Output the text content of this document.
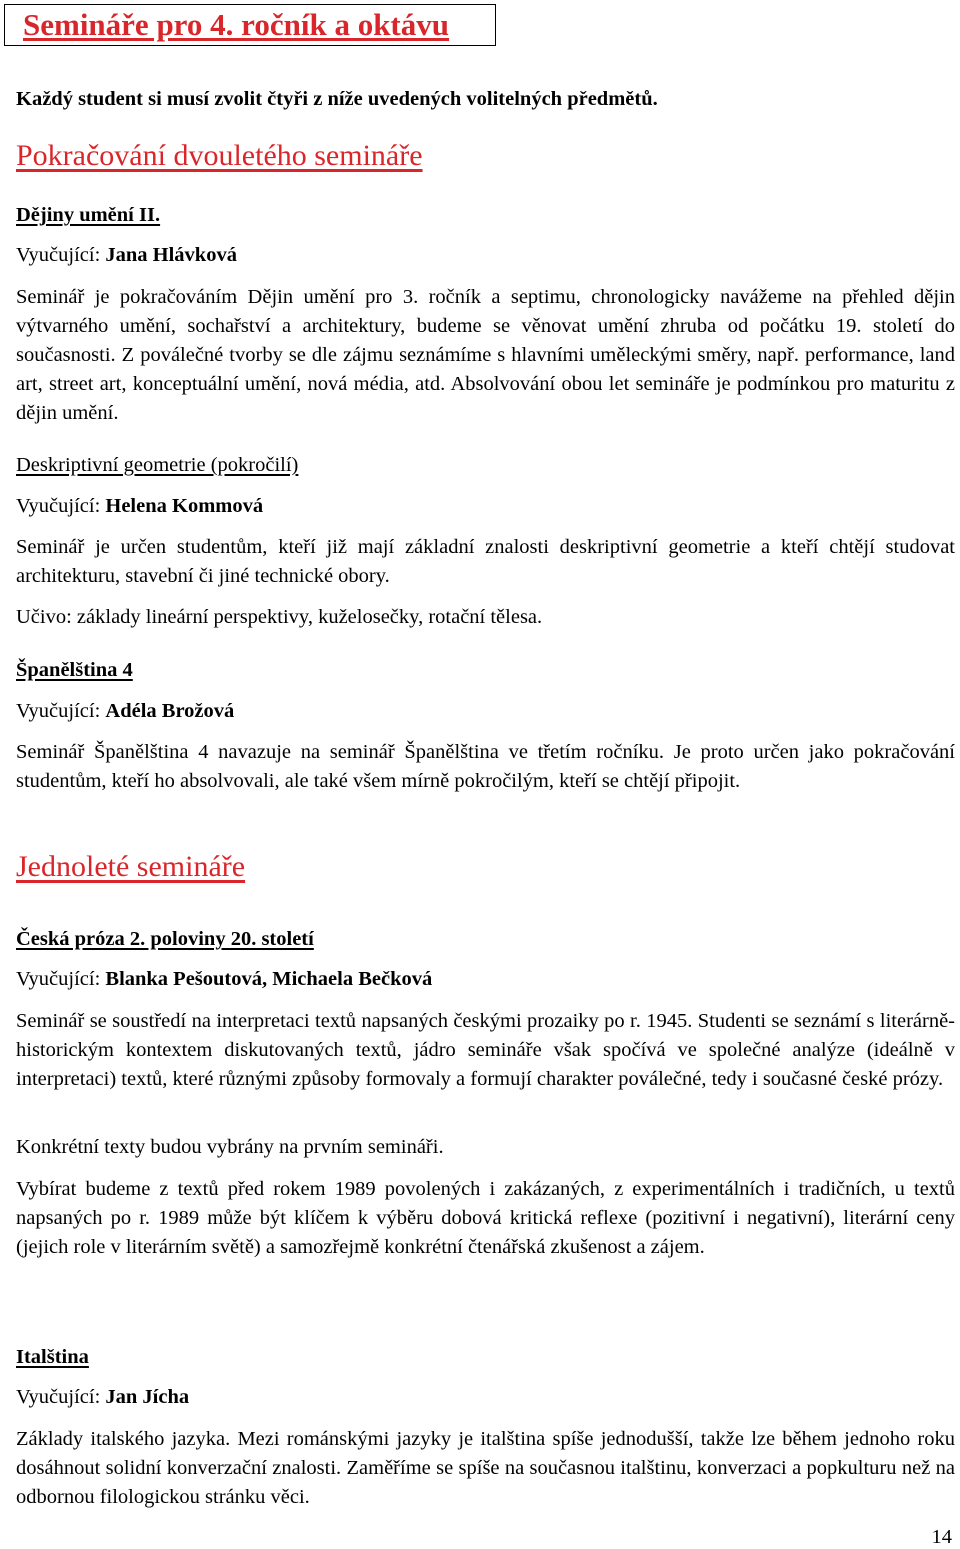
Semináře pro 4. ročník a oktávu
Každý student si musí zvolit čtyři z níže uvedených volitelných předmětů.
Pokračování dvouletého semináře
Dějiny umění II.
Vyučující: Jana Hlávková
Seminář je pokračováním Dějin umění pro 3. ročník a septimu, chronologicky navážeme na přehled dějin výtvarného umění, sochařství a architektury, budeme se věnovat umění zhruba od počátku 19. století do současnosti. Z poválečné tvorby se dle zájmu seznámíme s hlavními uměleckými směry, např. performance, land art, street art, konceptuální umění, nová média, atd. Absolvování obou let semináře je podmínkou pro maturitu z dějin umění.
Deskriptivní geometrie (pokročilí)
Vyučující: Helena Kommová
Seminář je určen studentům, kteří již mají základní znalosti deskriptivní geometrie a kteří chtějí studovat architekturu, stavební či jiné technické obory.
Učivo: základy lineární perspektivy, kuželosečky, rotační tělesa.
Španělština 4
Vyučující: Adéla Brožová
Seminář Španělština 4 navazuje na seminář Španělština ve třetím ročníku. Je proto určen jako pokračování studentům, kteří ho absolvovali, ale také všem mírně pokročilým, kteří se chtějí připojit.
Jednoleté semináře
Česká próza 2. poloviny 20. století
Vyučující: Blanka Pešoutová, Michaela Bečková
Seminář se soustředí na interpretaci textů napsaných českými prozaiky po r. 1945. Studenti se seznámí s literárně-historickým kontextem diskutovaných textů, jádro semináře však spočívá ve společné analýze (ideálně v interpretaci) textů, které různými způsoby formovaly a formují charakter poválečné, tedy i současné české prózy.
Konkrétní texty budou vybrány na prvním semináři.
Vybírat budeme z textů před rokem 1989 povolených i zakázaných, z experimentálních i tradičních, u textů napsaných po r. 1989 může být klíčem k výběru dobová kritická reflexe (pozitivní i negativní), literární ceny (jejich role v literárním světě) a samozřejmě konkrétní čtenářská zkušenost a zájem.
Italština
Vyučující: Jan Jícha
Základy italského jazyka. Mezi románskými jazyky je italština spíše jednodušší, takže lze během jednoho roku dosáhnout solidní konverzační znalosti. Zaměříme se spíše na současnou italštinu, konverzaci a popkulturu než na odbornou filologickou stránku věci.
14
